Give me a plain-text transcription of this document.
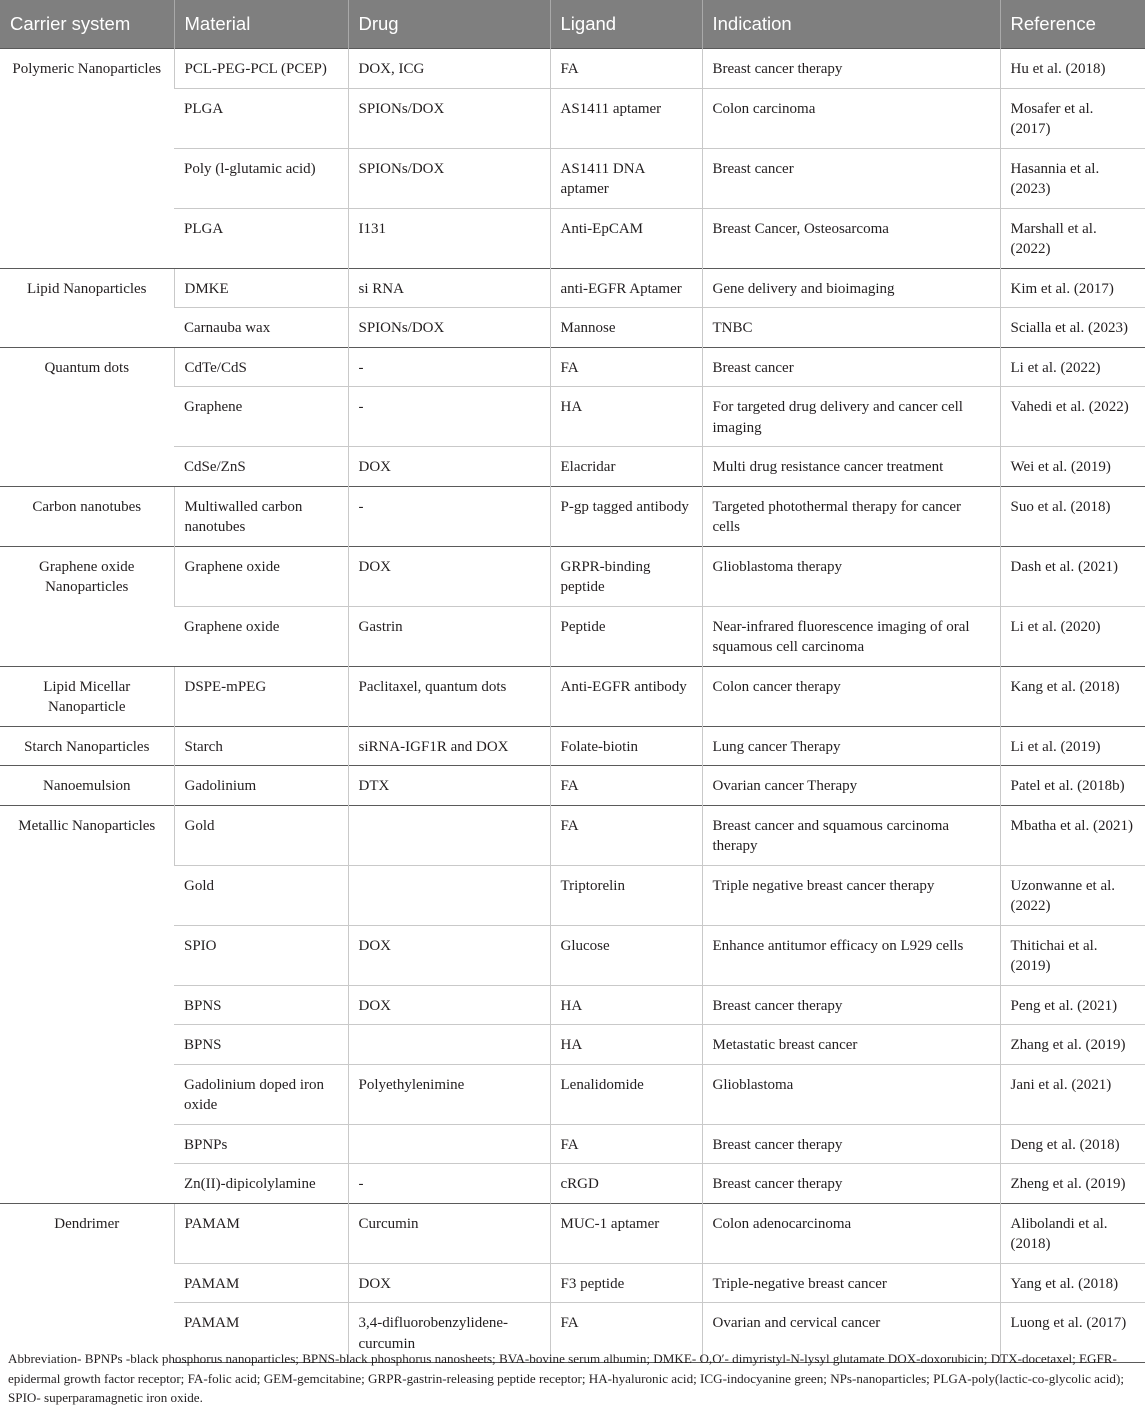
Carrier system	Material	Drug	Ligand	Indication	Reference
Polymeric Nanoparticles	PCL-PEG-PCL (PCEP)	DOX, ICG	FA	Breast cancer therapy	Hu et al. (2018)
	PLGA	SPIONs/DOX	AS1411 aptamer	Colon carcinoma	Mosafer et al. (2017)
	Poly (l-glutamic acid)	SPIONs/DOX	AS1411 DNA aptamer	Breast cancer	Hasannia et al. (2023)
	PLGA	I131	Anti-EpCAM	Breast Cancer, Osteosarcoma	Marshall et al. (2022)
Lipid Nanoparticles	DMKE	si RNA	anti-EGFR Aptamer	Gene delivery and bioimaging	Kim et al. (2017)
	Carnauba wax	SPIONs/DOX	Mannose	TNBC	Scialla et al. (2023)
Quantum dots	CdTe/CdS	-	FA	Breast cancer	Li et al. (2022)
	Graphene	-	HA	For targeted drug delivery and cancer cell imaging	Vahedi et al. (2022)
	CdSe/ZnS	DOX	Elacridar	Multi drug resistance cancer treatment	Wei et al. (2019)
Carbon nanotubes	Multiwalled carbon nanotubes	-	P-gp tagged antibody	Targeted photothermal therapy for cancer cells	Suo et al. (2018)
Graphene oxide Nanoparticles	Graphene oxide	DOX	GRPR-binding peptide	Glioblastoma therapy	Dash et al. (2021)
	Graphene oxide	Gastrin	Peptide	Near-infrared fluorescence imaging of oral squamous cell carcinoma	Li et al. (2020)
Lipid Micellar Nanoparticle	DSPE-mPEG	Paclitaxel, quantum dots	Anti-EGFR antibody	Colon cancer therapy	Kang et al. (2018)
Starch Nanoparticles	Starch	siRNA-IGF1R and DOX	Folate-biotin	Lung cancer Therapy	Li et al. (2019)
Nanoemulsion	Gadolinium	DTX	FA	Ovarian cancer Therapy	Patel et al. (2018b)
Metallic Nanoparticles	Gold		FA	Breast cancer and squamous carcinoma therapy	Mbatha et al. (2021)
	Gold		Triptorelin	Triple negative breast cancer therapy	Uzonwanne et al. (2022)
	SPIO	DOX	Glucose	Enhance antitumor efficacy on L929 cells	Thitichai et al. (2019)
	BPNS	DOX	HA	Breast cancer therapy	Peng et al. (2021)
	BPNS		HA	Metastatic breast cancer	Zhang et al. (2019)
	Gadolinium doped iron oxide	Polyethylenimine	Lenalidomide	Glioblastoma	Jani et al. (2021)
	BPNPs		FA	Breast cancer therapy	Deng et al. (2018)
	Zn(II)-dipicolylamine	-	cRGD	Breast cancer therapy	Zheng et al. (2019)
Dendrimer	PAMAM	Curcumin	MUC-1 aptamer	Colon adenocarcinoma	Alibolandi et al. (2018)
	PAMAM	DOX	F3 peptide	Triple-negative breast cancer	Yang et al. (2018)
	PAMAM	3,4-difluorobenzylidene-curcumin	FA	Ovarian and cervical cancer	Luong et al. (2017)

Abbreviation- BPNPs -black phosphorus nanoparticles; BPNS-black phosphorus nanosheets; BVA-bovine serum albumin; DMKE- O,O′- dimyristyl-N-lysyl glutamate DOX-doxorubicin; DTX-docetaxel; EGFR- epidermal growth factor receptor; FA-folic acid; GEM-gemcitabine; GRPR-gastrin-releasing peptide receptor; HA-hyaluronic acid; ICG-indocyanine green; NPs-nanoparticles; PLGA-poly(lactic-co-glycolic acid); SPIO- superparamagnetic iron oxide.
